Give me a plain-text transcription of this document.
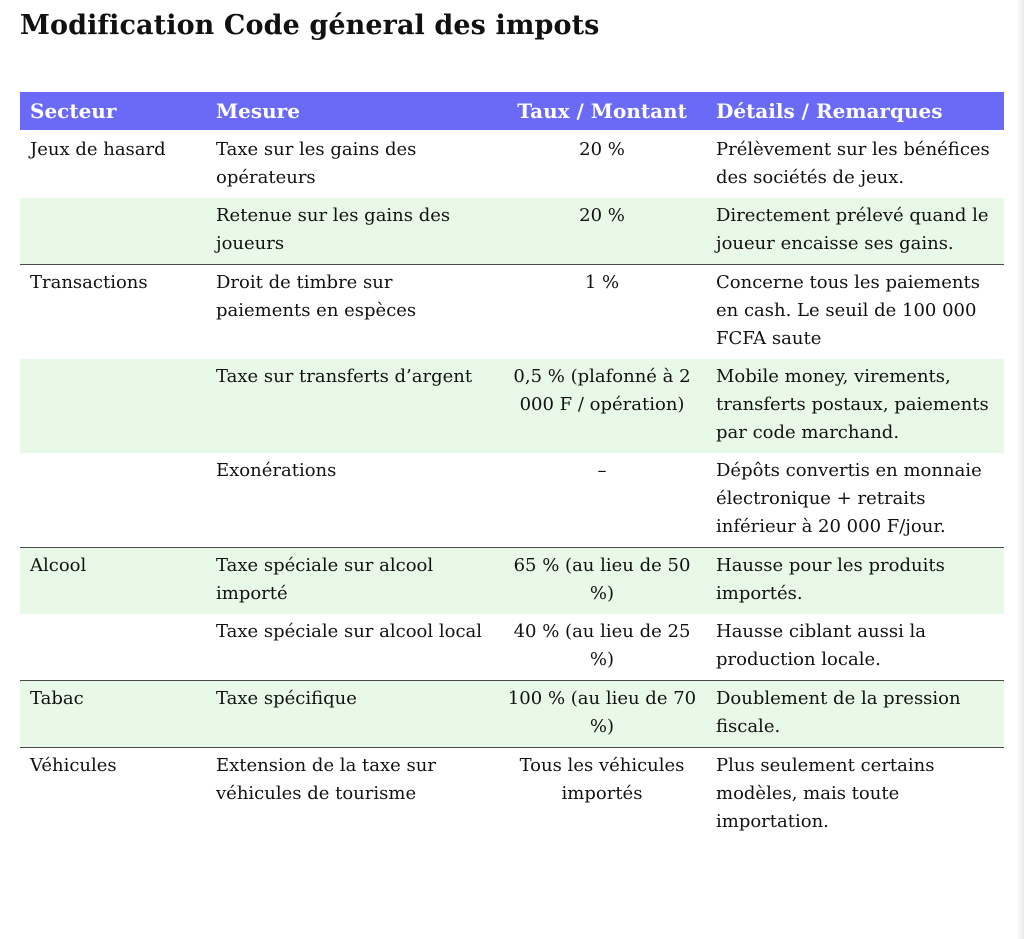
Modification Code géneral des impots
Secteur	Mesure	Taux / Montant	Détails / Remarques
Jeux de hasard	Taxe sur les gains des opérateurs	20 %	Prélèvement sur les bénéfices des sociétés de jeux.
	Retenue sur les gains des joueurs	20 %	Directement prélevé quand le joueur encaisse ses gains.
Transactions	Droit de timbre sur paiements en espèces	1 %	Concerne tous les paiements en cash. Le seuil de 100 000 FCFA saute
	Taxe sur transferts d’argent	0,5 % (plafonné à 2 000 F / opération)	Mobile money, virements, transferts postaux, paiements par code marchand.
	Exonérations	–	Dépôts convertis en monnaie électronique + retraits inférieur à 20 000 F/jour.
Alcool	Taxe spéciale sur alcool importé	65 % (au lieu de 50 %)	Hausse pour les produits importés.
	Taxe spéciale sur alcool local	40 % (au lieu de 25 %)	Hausse ciblant aussi la production locale.
Tabac	Taxe spécifique	100 % (au lieu de 70 %)	Doublement de la pression fiscale.
Véhicules	Extension de la taxe sur véhicules de tourisme	Tous les véhicules importés	Plus seulement certains modèles, mais toute importation.
